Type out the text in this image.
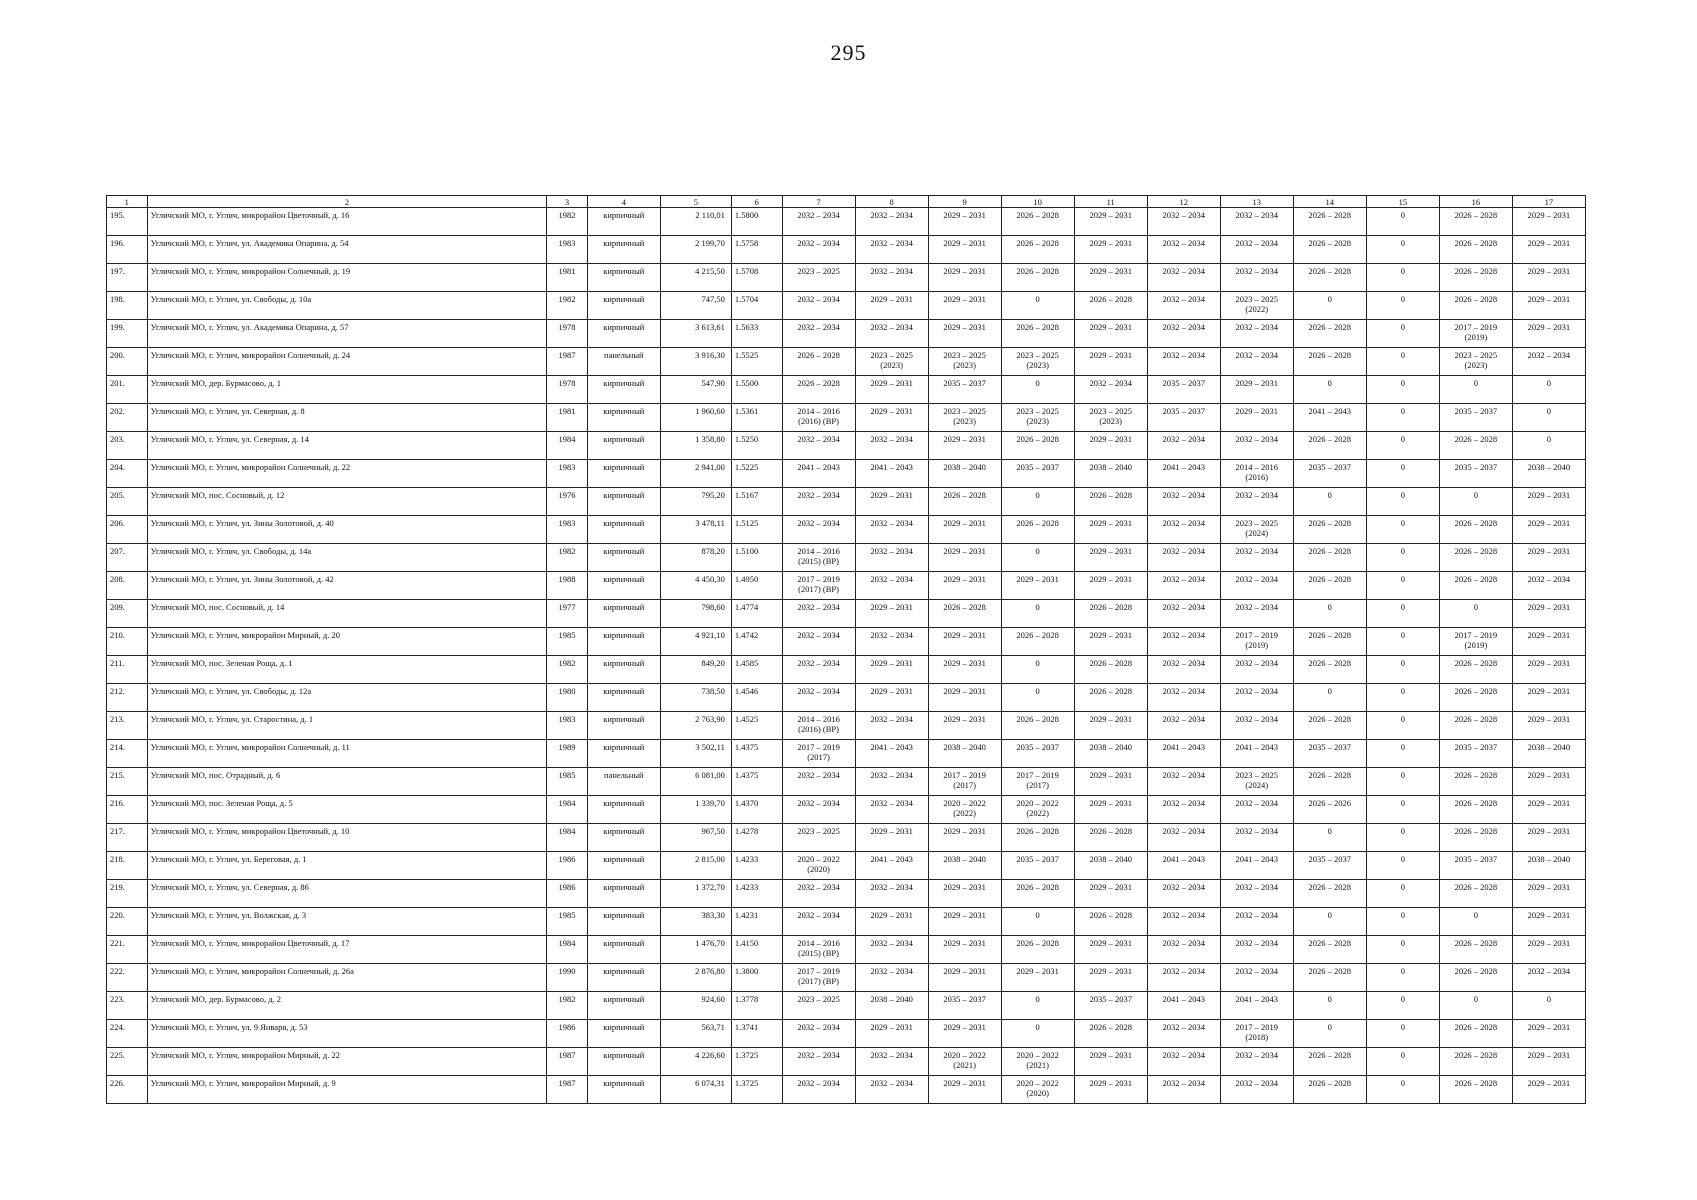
295
1	2	3	4	5	6	7	8	9	10	11	12	13	14	15	16	17
195.	Угличский МО, г. Углич, микрорайон Цветочный, д. 16	1982	кирпичный	2 110,01	1.5800	2032 – 2034	2032 – 2034	2029 – 2031	2026 – 2028	2029 – 2031	2032 – 2034	2032 – 2034	2026 – 2028	0	2026 – 2028	2029 – 2031
196.	Угличский МО, г. Углич, ул. Академика Опарина, д. 54	1983	кирпичный	2 199,70	1.5758	2032 – 2034	2032 – 2034	2029 – 2031	2026 – 2028	2029 – 2031	2032 – 2034	2032 – 2034	2026 – 2028	0	2026 – 2028	2029 – 2031
197.	Угличский МО, г. Углич, микрорайон Солнечный, д. 19	1981	кирпичный	4 215,50	1.5708	2023 – 2025	2032 – 2034	2029 – 2031	2026 – 2028	2029 – 2031	2032 – 2034	2032 – 2034	2026 – 2028	0	2026 – 2028	2029 – 2031
198.	Угличский МО, г. Углич, ул. Свободы, д. 10а	1982	кирпичный	747,50	1.5704	2032 – 2034	2029 – 2031	2029 – 2031	0	2026 – 2028	2032 – 2034	2023 – 2025
(2022)	0	0	2026 – 2028	2029 – 2031
199.	Угличский МО, г. Углич, ул. Академика Опарина, д. 57	1978	кирпичный	3 613,61	1.5633	2032 – 2034	2032 – 2034	2029 – 2031	2026 – 2028	2029 – 2031	2032 – 2034	2032 – 2034	2026 – 2028	0	2017 – 2019
(2019)	2029 – 2031
200.	Угличский МО, г. Углич, микрорайон Солнечный, д. 24	1987	панельный	3 916,30	1.5525	2026 – 2028	2023 – 2025
(2023)	2023 – 2025
(2023)	2023 – 2025
(2023)	2029 – 2031	2032 – 2034	2032 – 2034	2026 – 2028	0	2023 – 2025
(2023)	2032 – 2034
201.	Угличский МО, дер. Бурмасово, д. 1	1978	кирпичный	547,90	1.5500	2026 – 2028	2029 – 2031	2035 – 2037	0	2032 – 2034	2035 – 2037	2029 – 2031	0	0	0	0
202.	Угличский МО, г. Углич, ул. Северная, д. 8	1981	кирпичный	1 960,60	1.5361	2014 – 2016
(2016) (ВР)	2029 – 2031	2023 – 2025
(2023)	2023 – 2025
(2023)	2023 – 2025
(2023)	2035 – 2037	2029 – 2031	2041 – 2043	0	2035 – 2037	0
203.	Угличский МО, г. Углич, ул. Северная, д. 14	1984	кирпичный	1 358,80	1.5250	2032 – 2034	2032 – 2034	2029 – 2031	2026 – 2028	2029 – 2031	2032 – 2034	2032 – 2034	2026 – 2028	0	2026 – 2028	0
204.	Угличский МО, г. Углич, микрорайон Солнечный, д. 22	1983	кирпичный	2 941,00	1.5225	2041 – 2043	2041 – 2043	2038 – 2040	2035 – 2037	2038 – 2040	2041 – 2043	2014 – 2016
(2016)	2035 – 2037	0	2035 – 2037	2038 – 2040
205.	Угличский МО, пос. Сосновый, д. 12	1976	кирпичный	795,20	1.5167	2032 – 2034	2029 – 2031	2026 – 2028	0	2026 – 2028	2032 – 2034	2032 – 2034	0	0	0	2029 – 2031
206.	Угличский МО, г. Углич, ул. Зины Золотовой, д. 40	1983	кирпичный	3 478,11	1.5125	2032 – 2034	2032 – 2034	2029 – 2031	2026 – 2028	2029 – 2031	2032 – 2034	2023 – 2025
(2024)	2026 – 2028	0	2026 – 2028	2029 – 2031
207.	Угличский МО, г. Углич, ул. Свободы, д. 14а	1982	кирпичный	878,20	1.5100	2014 – 2016
(2015) (ВР)	2032 – 2034	2029 – 2031	0	2029 – 2031	2032 – 2034	2032 – 2034	2026 – 2028	0	2026 – 2028	2029 – 2031
208.	Угличский МО, г. Углич, ул. Зины Золотовой, д. 42	1988	кирпичный	4 450,30	1.4950	2017 – 2019
(2017) (ВР)	2032 – 2034	2029 – 2031	2029 – 2031	2029 – 2031	2032 – 2034	2032 – 2034	2026 – 2028	0	2026 – 2028	2032 – 2034
209.	Угличский МО, пос. Сосновый, д. 14	1977	кирпичный	798,60	1.4774	2032 – 2034	2029 – 2031	2026 – 2028	0	2026 – 2028	2032 – 2034	2032 – 2034	0	0	0	2029 – 2031
210.	Угличский МО, г. Углич, микрорайон Мирный, д. 20	1985	кирпичный	4 921,10	1.4742	2032 – 2034	2032 – 2034	2029 – 2031	2026 – 2028	2029 – 2031	2032 – 2034	2017 – 2019
(2019)	2026 – 2028	0	2017 – 2019
(2019)	2029 – 2031
211.	Угличский МО, пос. Зеленая Роща, д. 1	1982	кирпичный	849,20	1.4585	2032 – 2034	2029 – 2031	2029 – 2031	0	2026 – 2028	2032 – 2034	2032 – 2034	2026 – 2028	0	2026 – 2028	2029 – 2031
212.	Угличский МО, г. Углич, ул. Свободы, д. 12а	1980	кирпичный	738,50	1.4546	2032 – 2034	2029 – 2031	2029 – 2031	0	2026 – 2028	2032 – 2034	2032 – 2034	0	0	2026 – 2028	2029 – 2031
213.	Угличский МО, г. Углич, ул. Старостина, д. 1	1983	кирпичный	2 763,90	1.4525	2014 – 2016
(2016) (ВР)	2032 – 2034	2029 – 2031	2026 – 2028	2029 – 2031	2032 – 2034	2032 – 2034	2026 – 2028	0	2026 – 2028	2029 – 2031
214.	Угличский МО, г. Углич, микрорайон Солнечный, д. 11	1989	кирпичный	3 502,11	1.4375	2017 – 2019
(2017)	2041 – 2043	2038 – 2040	2035 – 2037	2038 – 2040	2041 – 2043	2041 – 2043	2035 – 2037	0	2035 – 2037	2038 – 2040
215.	Угличский МО, пос. Отрадный, д. 6	1985	панельный	6 081,00	1.4375	2032 – 2034	2032 – 2034	2017 – 2019
(2017)	2017 – 2019
(2017)	2029 – 2031	2032 – 2034	2023 – 2025
(2024)	2026 – 2028	0	2026 – 2028	2029 – 2031
216.	Угличский МО, пос. Зеленая Роща, д. 5	1984	кирпичный	1 339,70	1.4370	2032 – 2034	2032 – 2034	2020 – 2022
(2022)	2020 – 2022
(2022)	2029 – 2031	2032 – 2034	2032 – 2034	2026 – 2026	0	2026 – 2028	2029 – 2031
217.	Угличский МО, г. Углич, микрорайон Цветочный, д. 10	1984	кирпичный	967,50	1.4278	2023 – 2025	2029 – 2031	2029 – 2031	2026 – 2028	2026 – 2028	2032 – 2034	2032 – 2034	0	0	2026 – 2028	2029 – 2031
218.	Угличский МО, г. Углич, ул. Береговая, д. 1	1986	кирпичный	2 815,00	1.4233	2020 – 2022
(2020)	2041 – 2043	2038 – 2040	2035 – 2037	2038 – 2040	2041 – 2043	2041 – 2043	2035 – 2037	0	2035 – 2037	2038 – 2040
219.	Угличский МО, г. Углич, ул. Северная, д. 86	1986	кирпичный	1 372,70	1.4233	2032 – 2034	2032 – 2034	2029 – 2031	2026 – 2028	2029 – 2031	2032 – 2034	2032 – 2034	2026 – 2028	0	2026 – 2028	2029 – 2031
220.	Угличский МО, г. Углич, ул. Волжская, д. 3	1985	кирпичный	383,30	1.4231	2032 – 2034	2029 – 2031	2029 – 2031	0	2026 – 2028	2032 – 2034	2032 – 2034	0	0	0	2029 – 2031
221.	Угличский МО, г. Углич, микрорайон Цветочный, д. 17	1984	кирпичный	1 476,70	1.4150	2014 – 2016
(2015) (ВР)	2032 – 2034	2029 – 2031	2026 – 2028	2029 – 2031	2032 – 2034	2032 – 2034	2026 – 2028	0	2026 – 2028	2029 – 2031
222.	Угличский МО, г. Углич, микрорайон Солнечный, д. 26а	1990	кирпичный	2 876,80	1.3800	2017 – 2019
(2017) (ВР)	2032 – 2034	2029 – 2031	2029 – 2031	2029 – 2031	2032 – 2034	2032 – 2034	2026 – 2028	0	2026 – 2028	2032 – 2034
223.	Угличский МО, дер. Бурмасово, д. 2	1982	кирпичный	924,60	1.3778	2023 – 2025	2038 – 2040	2035 – 2037	0	2035 – 2037	2041 – 2043	2041 – 2043	0	0	0	0
224.	Угличский МО, г. Углич, ул. 9 Января, д. 53	1986	кирпичный	563,71	1.3741	2032 – 2034	2029 – 2031	2029 – 2031	0	2026 – 2028	2032 – 2034	2017 – 2019
(2018)	0	0	2026 – 2028	2029 – 2031
225.	Угличский МО, г. Углич, микрорайон Мирный, д. 22	1987	кирпичный	4 226,60	1.3725	2032 – 2034	2032 – 2034	2020 – 2022
(2021)	2020 – 2022
(2021)	2029 – 2031	2032 – 2034	2032 – 2034	2026 – 2028	0	2026 – 2028	2029 – 2031
226.	Угличский МО, г. Углич, микрорайон Мирный, д. 9	1987	кирпичный	6 074,31	1.3725	2032 – 2034	2032 – 2034	2029 – 2031	2020 – 2022
(2020)	2029 – 2031	2032 – 2034	2032 – 2034	2026 – 2028	0	2026 – 2028	2029 – 2031
